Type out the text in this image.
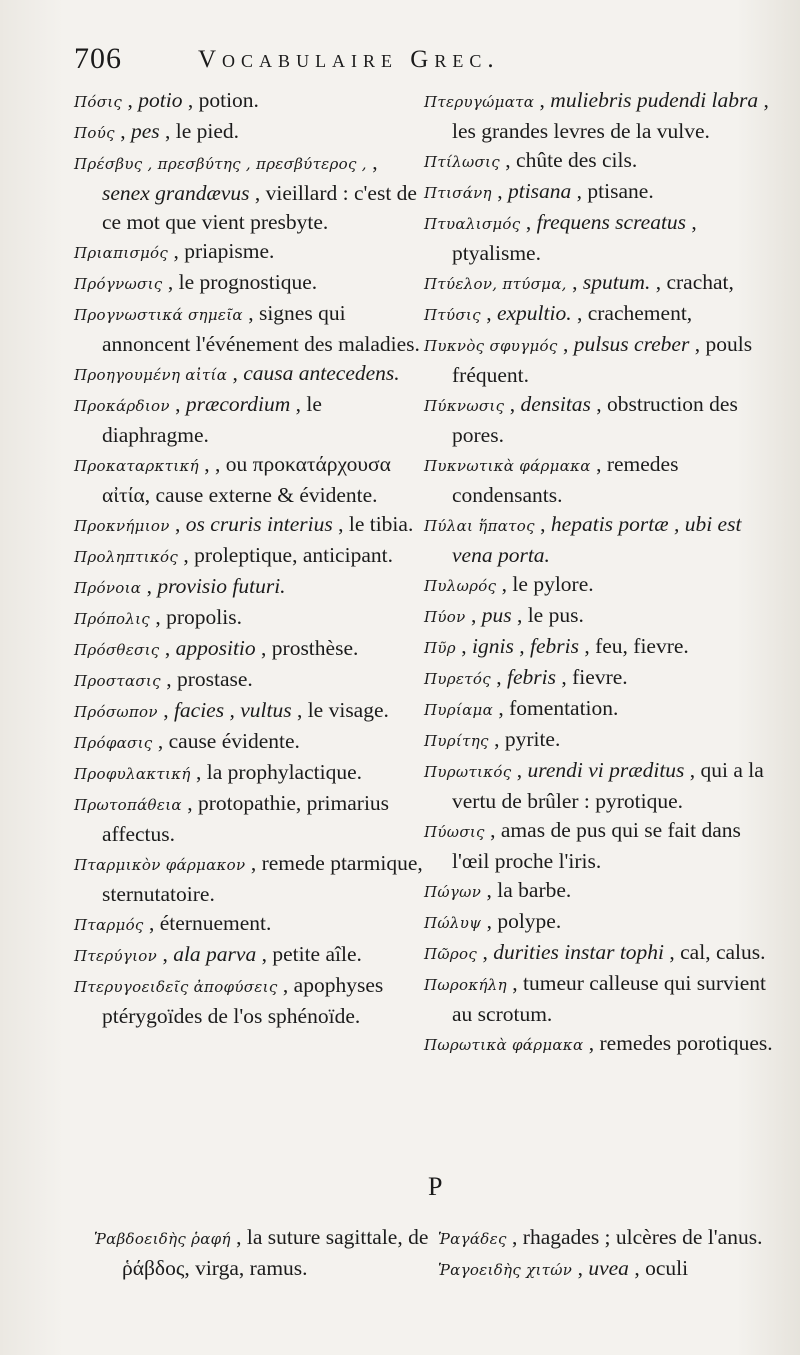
706	Vocabulaire Grec.

Πόσις , potio , potion.

Πούς , pes , le pied.

Πρέσβυς , πρεσβύτης , πρεσβύτερος , , senex grandævus , vieillard : c'est de ce mot que vient presbyte.

Πριαπισμός , priapisme.

Πρόγνωσις , le prognostique.

Προγνωστικά σημεῖα , signes qui annoncent l'événement des maladies.

Προηγουμένη αἰτία , causa antecedens.

Προκάρδιον , præcordium , le diaphragme.

Προκαταρκτική , , ou προκατάρχουσα αἰτία, cause externe & évidente.

Προκνήμιον , os cruris interius , le tibia.

Προληπτικός , proleptique, anticipant.

Πρόνοια , provisio futuri.

Πρόπολις , propolis.

Πρόσθεσις , appositio , prosthèse.

Προστασις , prostase.

Πρόσωπον , facies , vultus , le visage.

Πρόφασις , cause évidente.

Προφυλακτική , la prophylactique.

Πρωτοπάθεια , protopathie, primarius affectus.

Πταρμικὸν φάρμακον , remede ptarmique, sternutatoire.

Πταρμός , éternuement.

Πτερύγιον , ala parva , petite aîle.

Πτερυγοειδεῖς ἀποφύσεις , apophyses ptérygoïdes de l'os sphénoïde.

Πτερυγώματα , muliebris pudendi labra , les grandes levres de la vulve.

Πτίλωσις , chûte des cils.

Πτισάνη , ptisana , ptisane.

Πτυαλισμός , frequens screatus , ptyalisme.

Πτύελον, πτύσμα, , sputum. , crachat,

Πτύσις , expultio. , crachement,

Πυκνὸς σφυγμός , pulsus creber , pouls fréquent.

Πύκνωσις , densitas , obstruction des pores.

Πυκνωτικὰ φάρμακα , remedes condensants.

Πύλαι ἥπατος , hepatis portæ , ubi est vena porta.

Πυλωρός , le pylore.

Πύον , pus , le pus.

Πῦρ , ignis , febris , feu, fievre.

Πυρετός , febris , fievre.

Πυρίαμα , fomentation.

Πυρίτης , pyrite.

Πυρωτικός , urendi vi præditus , qui a la vertu de brûler : pyrotique.

Πύωσις , amas de pus qui se fait dans l'œil proche l'iris.

Πώγων , la barbe.

Πώλυψ , polype.

Πῶρος , durities instar tophi , cal, calus.

Πωροκήλη , tumeur calleuse qui survient au scrotum.

Πωρωτικὰ φάρμακα , remedes porotiques.

P

Ῥαβδοειδὴς ῥαφή , la suture sagittale, de ῥάβδος, virga, ramus.

Ῥαγάδες , rhagades ; ulcères de l'anus.

Ῥαγοειδὴς χιτών , uvea , oculi
